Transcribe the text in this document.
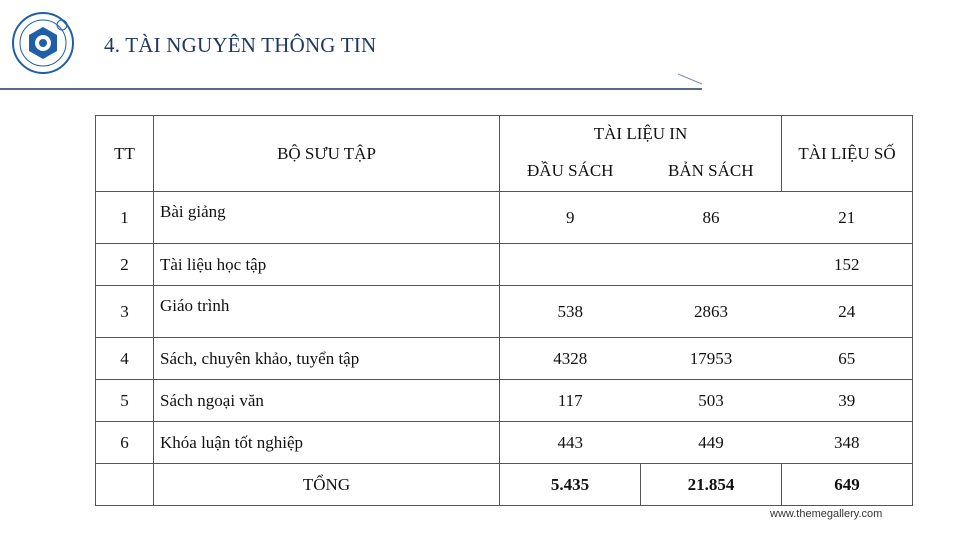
4. TÀI NGUYÊN THÔNG TIN
TT	BỘ SƯU TẬP	TÀI LIỆU IN		TÀI LIỆU SỐ
		ĐẦU SÁCH	BẢN SÁCH	
1	Bài giảng	9	86	21
2	Tài liệu học tập			152
3	Giáo trình	538	2863	24
4	Sách, chuyên khảo, tuyển tập	4328	17953	65
5	Sách ngoại văn	117	503	39
6	Khóa luận tốt nghiệp	443	449	348
	TỔNG	5.435	21.854	649
www.themegallery.com
